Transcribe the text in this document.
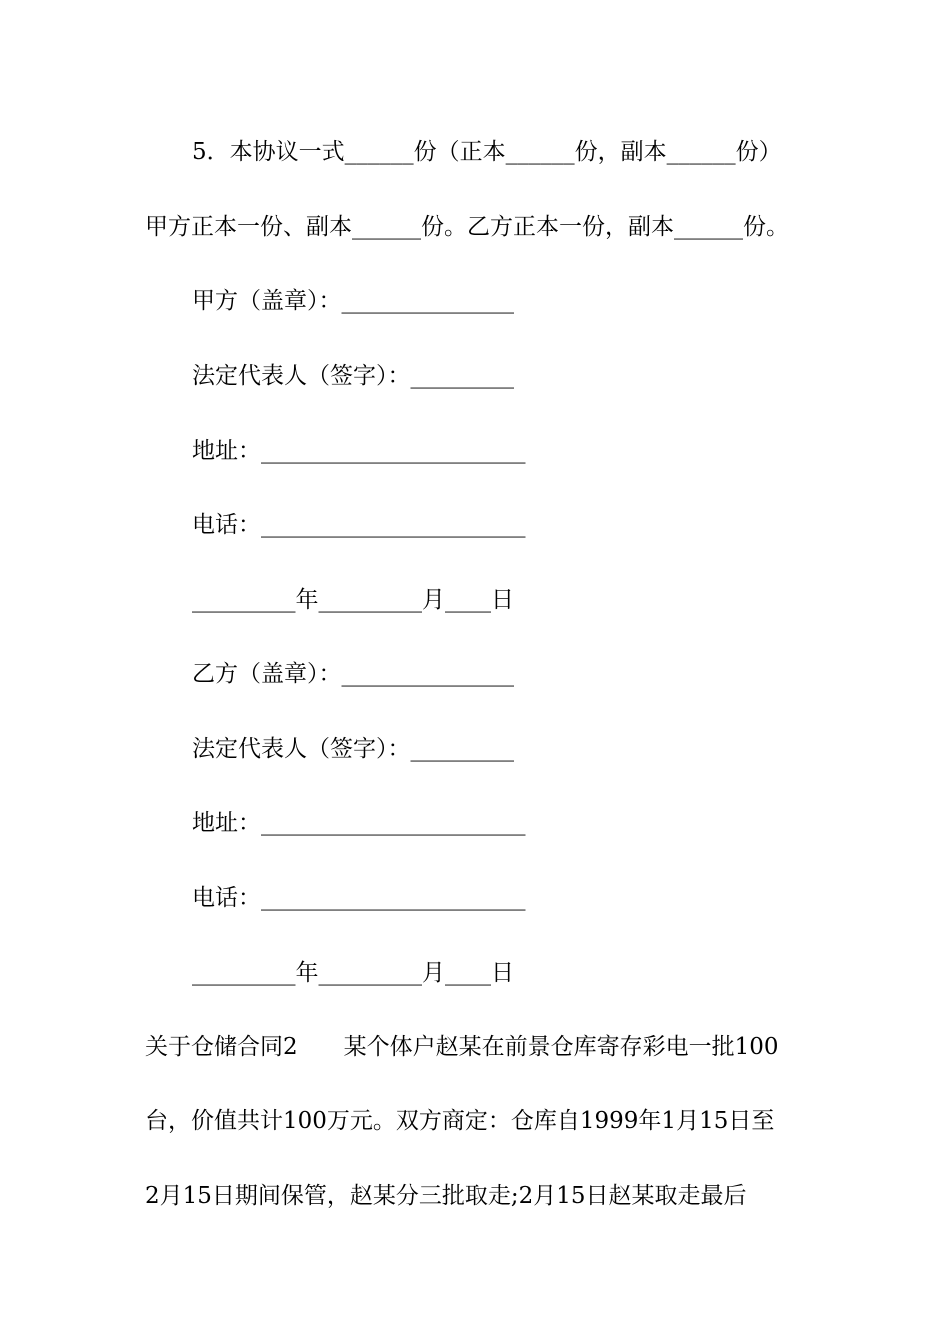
5．本协议一式______份（正本______份，副本______份）
甲方正本一份、副本______份。乙方正本一份，副本______份。
甲方（盖章）：_______________
法定代表人（签字）：_________
地址：_______________________
电话：_______________________
_________年_________月____日
乙方（盖章）：_______________
法定代表人（签字）：_________
地址：_______________________
电话：_______________________
_________年_________月____日
关于仓储合同2　　某个体户赵某在前景仓库寄存彩电一批100
台，价值共计100万元。双方商定：仓库自1999年1月15日至
2月15日期间保管，赵某分三批取走;2月15日赵某取走最后
